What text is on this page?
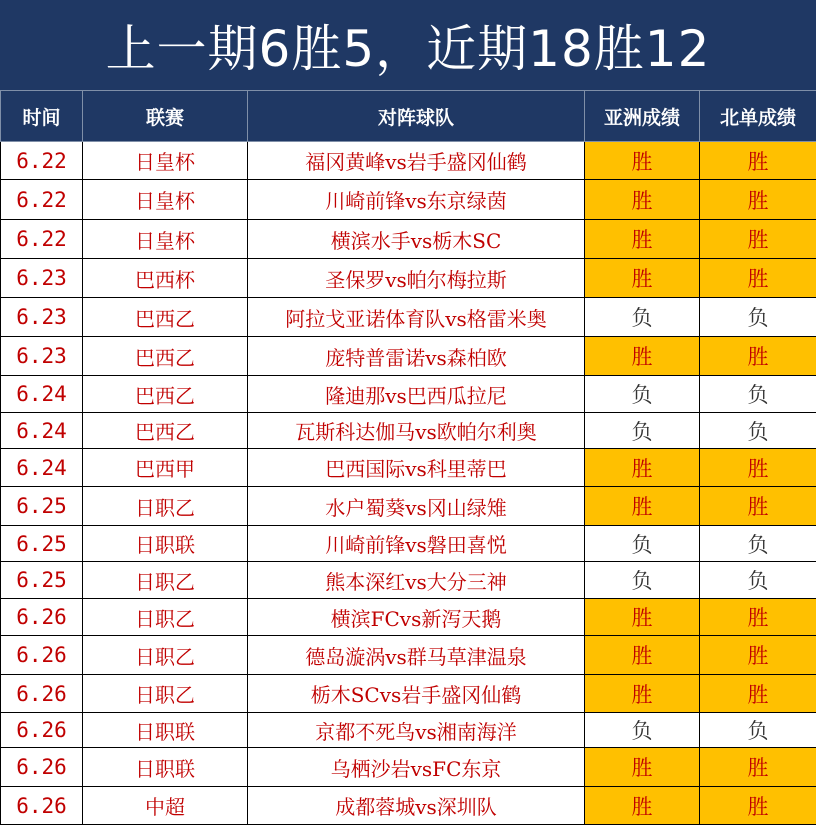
上一期6胜5，近期18胜12
时间	联赛	对阵球队	亚洲成绩	北单成绩
6.22	日皇杯	福冈黄峰vs岩手盛冈仙鹤	胜	胜
6.22	日皇杯	川崎前锋vs东京绿茵	胜	胜
6.22	日皇杯	横滨水手vs栃木SC	胜	胜
6.23	巴西杯	圣保罗vs帕尔梅拉斯	胜	胜
6.23	巴西乙	阿拉戈亚诺体育队vs格雷米奥	负	负
6.23	巴西乙	庞特普雷诺vs森柏欧	胜	胜
6.24	巴西乙	隆迪那vs巴西瓜拉尼	负	负
6.24	巴西乙	瓦斯科达伽马vs欧帕尔利奥	负	负
6.24	巴西甲	巴西国际vs科里蒂巴	胜	胜
6.25	日职乙	水户蜀葵vs冈山绿雉	胜	胜
6.25	日职联	川崎前锋vs磐田喜悦	负	负
6.25	日职乙	熊本深红vs大分三神	负	负
6.26	日职乙	横滨FCvs新泻天鹅	胜	胜
6.26	日职乙	德岛漩涡vs群马草津温泉	胜	胜
6.26	日职乙	栃木SCvs岩手盛冈仙鹤	胜	胜
6.26	日职联	京都不死鸟vs湘南海洋	负	负
6.26	日职联	乌栖沙岩vsFC东京	胜	胜
6.26	中超	成都蓉城vs深圳队	胜	胜
